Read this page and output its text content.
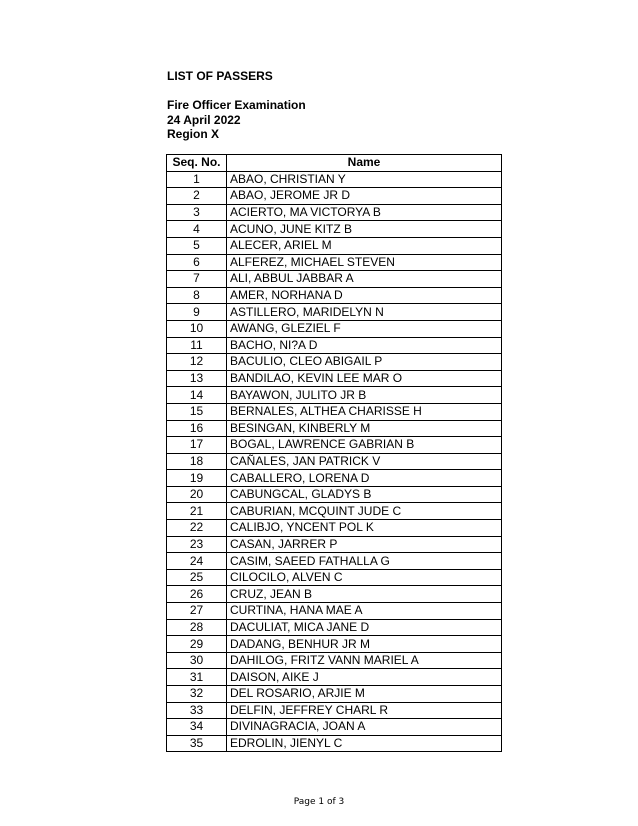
LIST OF PASSERS
Fire Officer Examination
24 April 2022
Region X
Seq. No.	Name
1	ABAO, CHRISTIAN Y
2	ABAO, JEROME JR D
3	ACIERTO, MA VICTORYA B
4	ACUNO, JUNE KITZ B
5	ALECER, ARIEL M
6	ALFEREZ, MICHAEL STEVEN
7	ALI, ABBUL JABBAR A
8	AMER, NORHANA D
9	ASTILLERO, MARIDELYN N
10	AWANG, GLEZIEL F
11	BACHO, NI?A D
12	BACULIO, CLEO ABIGAIL P
13	BANDILAO, KEVIN LEE MAR O
14	BAYAWON, JULITO JR B
15	BERNALES, ALTHEA CHARISSE H
16	BESINGAN, KINBERLY M
17	BOGAL, LAWRENCE GABRIAN B
18	CAÑALES, JAN PATRICK V
19	CABALLERO, LORENA D
20	CABUNGCAL, GLADYS B
21	CABURIAN, MCQUINT JUDE C
22	CALIBJO, YNCENT POL K
23	CASAN, JARRER P
24	CASIM, SAEED FATHALLA G
25	CILOCILO, ALVEN C
26	CRUZ, JEAN B
27	CURTINA, HANA MAE A
28	DACULIAT, MICA JANE D
29	DADANG, BENHUR JR M
30	DAHILOG, FRITZ VANN MARIEL A
31	DAISON, AIKE J
32	DEL ROSARIO, ARJIE M
33	DELFIN, JEFFREY CHARL R
34	DIVINAGRACIA, JOAN A
35	EDROLIN, JIENYL C
Page 1 of 3
